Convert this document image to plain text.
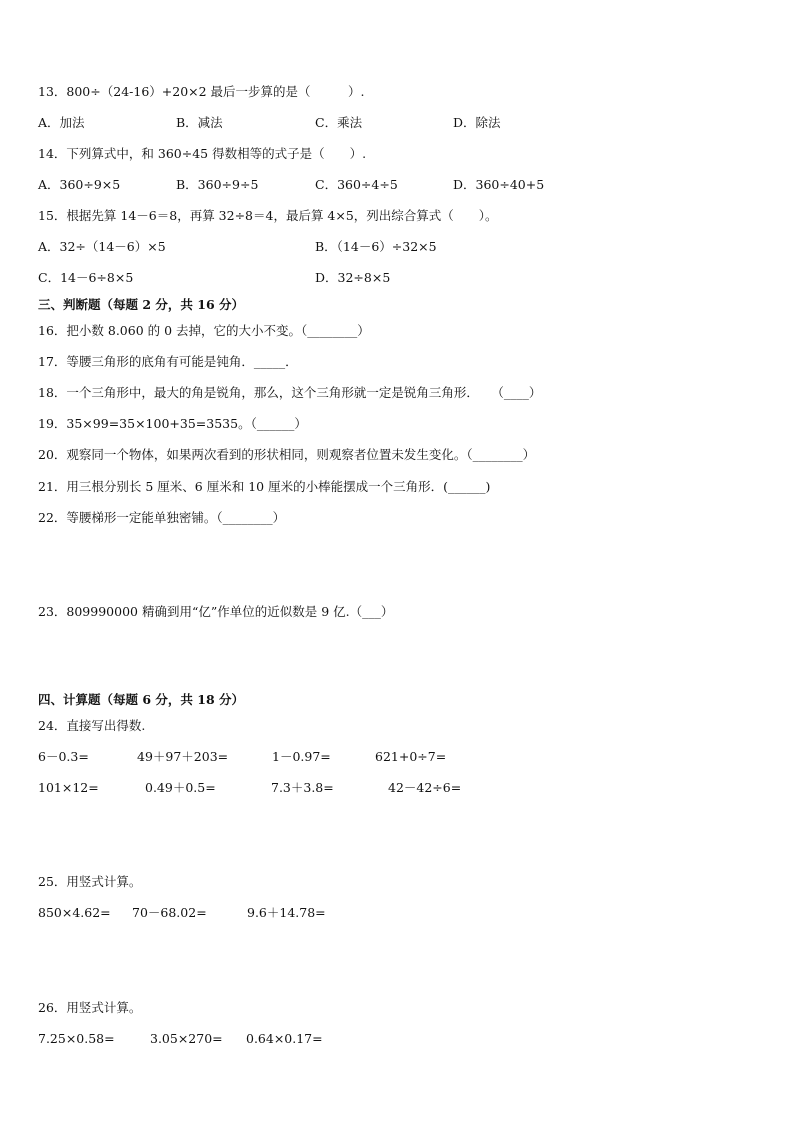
13．800÷（24-16）+20×2 最后一步算的是（　　　）.
A．加法	B．减法	C．乘法	D．除法
14．下列算式中，和 360÷45 得数相等的式子是（　　）.
A．360÷9×5	B．360÷9÷5	C．360÷4÷5	D．360÷40+5
15．根据先算 14－6＝8，再算 32÷8＝4，最后算 4×5，列出综合算式（　　）。
A．32÷（14－6）×5	B．（14－6）÷32×5
C．14－6÷8×5	D．32÷8×5
三、判断题（每题 2 分，共 16 分）
16．把小数 8.060 的 0 去掉，它的大小不变。（________）
17．等腰三角形的底角有可能是钝角．_____．
18．一个三角形中，最大的角是锐角，那么，这个三角形就一定是锐角三角形．　　（____）
19．35×99=35×100+35=3535。（______）
20．观察同一个物体，如果两次看到的形状相同，则观察者位置未发生变化。（________）
21．用三根分别长 5 厘米、6 厘米和 10 厘米的小棒能摆成一个三角形．(______)
22．等腰梯形一定能单独密铺。（________）
23．809990000 精确到用“亿”作单位的近似数是 9 亿.（___）
四、计算题（每题 6 分，共 18 分）
24．直接写出得数.
6－0.3=	49＋97＋203=	1－0.97=	621+0÷7=
101×12=	0.49＋0.5=	7.3＋3.8=	42－42÷6=
25．用竖式计算。
850×4.62= 70－68.02=	9.6＋14.78=
26．用竖式计算。
7.25×0.58=	3.05×270= 0.64×0.17=
